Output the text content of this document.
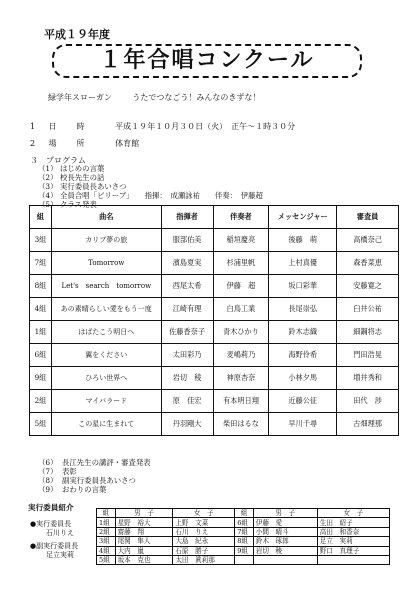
平成１９年度
１年合唱コンクール
緑学年スローガン	うたでつなごう！みんなのきずな！
1 日　時	平成１９年１０月３０日（火）　正午～１時３０分
2 場　所	体育館
３　プログラム
（1） はじめの言葉
（2） 校長先生の話
（3） 実行委員長あいさつ
（4） 全員合唱「ビリーブ」　　指揮：　成瀬詠祐　　伴奏：　伊藤超
（5） クラス発表
組	曲名	指揮者	伴奏者	メッセンジャー	審査員
3組	カリブ夢の旅	服部佑美	稲垣慶亮	後藤　萌	高橋奈己
7組	Tomorrow	濱島夏実	杉浦里帆	上村真優	森香菜恵
8組	Let's　search　tomorrow	西尾太希	伊藤　超	坂口彩華	安藤寛之
4組	あの素晴らしい愛をもう一度	江崎有理	白鳥工業	長尾崇弘	臼井公祐
1組	はばたこう明日へ	佐藤香奈子	青木ひかり	鈴木志織	細鋼将志
6組	翼をください	太田彩乃	麦嶋莉乃	海野伶希	門田浩晃
9組	ひろい世界へ	岩切　稜	神原杏奈	小林夕馬	増井秀和
2組	マイバラード	原　佳宏	有本明日翔	近藤公征	田代　渉
5組	この星に生まれて	丹羽剛大	柴田はるな	早川千尋	古畑理那
（6） 長江先生の講評・審査発表
（7） 表彰
（8） 副実行委員長あいさつ
（9） おわりの言葉
実行委員紹介
●実行委員長
石川りえ
●副実行委員長
足立実莉
組	男　子	女　子	組	男　子	女　子
1組	星野　裕大	上野　文菜	6組	伊藤　愛	生田　紹子
2組	齋藤　翔	石川　りえ	7組	小間　晴斗	高田　和香奈
3組	尾関　隼人	大島　紀永	8組	鈴木　琢郎	足立　実莉
4組	大内　嵐	石原　勝子	9組	岩切　稜	野口　真理子
5組	坂本　克也	太田　眞莉那			
